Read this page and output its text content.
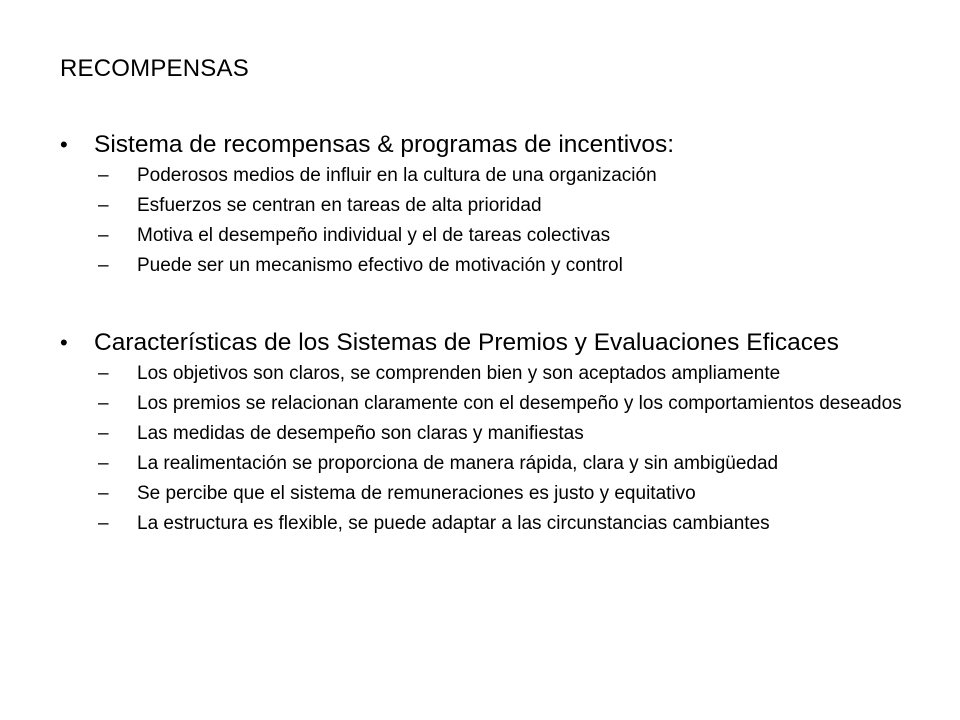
RECOMPENSAS
• Sistema de recompensas & programas de incentivos:
– Poderosos medios de influir en la cultura de una organización
– Esfuerzos se centran en tareas de alta prioridad
– Motiva el desempeño individual y el de tareas colectivas
– Puede ser un mecanismo efectivo de motivación y control
• Características de los Sistemas de Premios y Evaluaciones Eficaces
– Los objetivos son claros, se comprenden bien y son aceptados ampliamente
– Los premios se relacionan claramente con el desempeño y los comportamientos deseados
– Las medidas de desempeño son claras y manifiestas
– La realimentación se proporciona de manera rápida, clara y sin ambigüedad
– Se percibe que el sistema de remuneraciones es justo y equitativo
– La estructura es flexible, se puede adaptar a las circunstancias cambiantes
